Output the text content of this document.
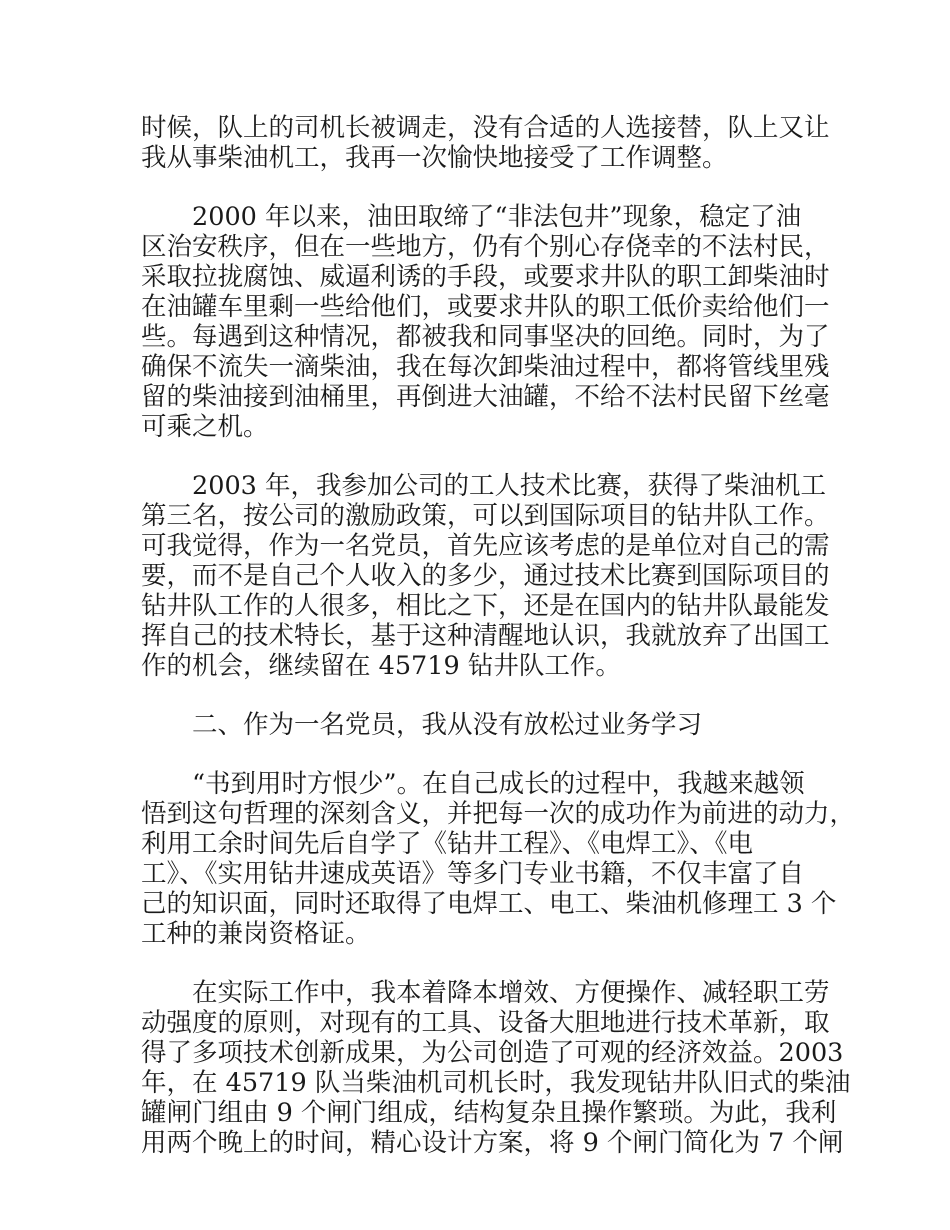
时候，队上的司机长被调走，没有合适的人选接替，队上又让
我从事柴油机工，我再一次愉快地接受了工作调整。
2000 年以来，油田取缔了“非法包井”现象，稳定了油
区治安秩序，但在一些地方，仍有个别心存侥幸的不法村民，
采取拉拢腐蚀、威逼利诱的手段，或要求井队的职工卸柴油时
在油罐车里剩一些给他们，或要求井队的职工低价卖给他们一
些。每遇到这种情况，都被我和同事坚决的回绝。同时，为了
确保不流失一滴柴油，我在每次卸柴油过程中，都将管线里残
留的柴油接到油桶里，再倒进大油罐，不给不法村民留下丝毫
可乘之机。
2003 年，我参加公司的工人技术比赛，获得了柴油机工
第三名，按公司的激励政策，可以到国际项目的钻井队工作。
可我觉得，作为一名党员，首先应该考虑的是单位对自己的需
要，而不是自己个人收入的多少，通过技术比赛到国际项目的
钻井队工作的人很多，相比之下，还是在国内的钻井队最能发
挥自己的技术特长，基于这种清醒地认识，我就放弃了出国工
作的机会，继续留在 45719 钻井队工作。
二、作为一名党员，我从没有放松过业务学习
“书到用时方恨少”。在自己成长的过程中，我越来越领
悟到这句哲理的深刻含义，并把每一次的成功作为前进的动力，
利用工余时间先后自学了《钻井工程》、《电焊工》、《电
工》、《实用钻井速成英语》等多门专业书籍，不仅丰富了自
己的知识面，同时还取得了电焊工、电工、柴油机修理工 3 个
工种的兼岗资格证。
在实际工作中，我本着降本增效、方便操作、减轻职工劳
动强度的原则，对现有的工具、设备大胆地进行技术革新，取
得了多项技术创新成果，为公司创造了可观的经济效益。2003
年，在 45719 队当柴油机司机长时，我发现钻井队旧式的柴油
罐闸门组由 9 个闸门组成，结构复杂且操作繁琐。为此，我利
用两个晚上的时间，精心设计方案，将 9 个闸门简化为 7 个闸
